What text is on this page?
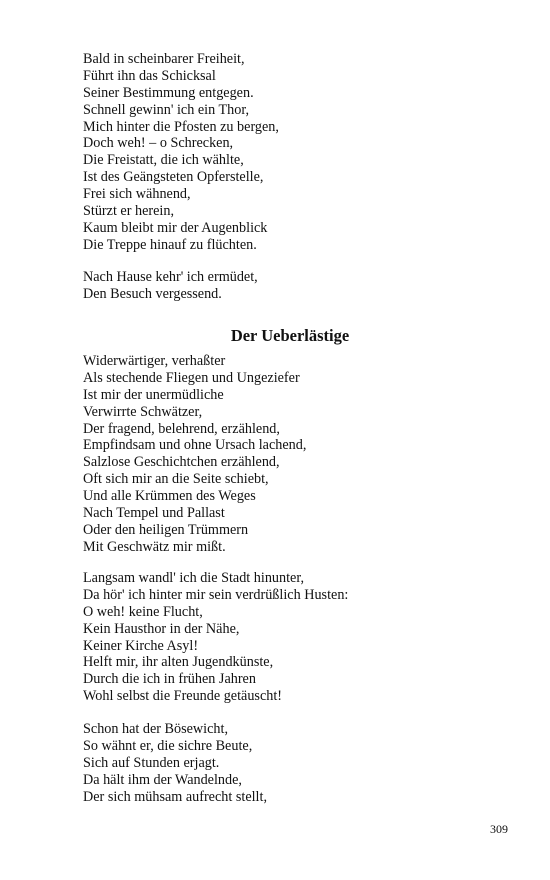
Bald in scheinbarer Freiheit,
Führt ihn das Schicksal
Seiner Bestimmung entgegen.
Schnell gewinn' ich ein Thor,
Mich hinter die Pfosten zu bergen,
Doch weh! – o Schrecken,
Die Freistatt, die ich wählte,
Ist des Geängsteten Opferstelle,
Frei sich wähnend,
Stürzt er herein,
Kaum bleibt mir der Augenblick
Die Treppe hinauf zu flüchten.
Nach Hause kehr' ich ermüdet,
Den Besuch vergessend.
Der Ueberlästige
Widerwärtiger, verhaßter
Als stechende Fliegen und Ungeziefer
Ist mir der unermüdliche
Verwirrte Schwätzer,
Der fragend, belehrend, erzählend,
Empfindsam und ohne Ursach lachend,
Salzlose Geschichtchen erzählend,
Oft sich mir an die Seite schiebt,
Und alle Krümmen des Weges
Nach Tempel und Pallast
Oder den heiligen Trümmern
Mit Geschwätz mir mißt.
Langsam wandl' ich die Stadt hinunter,
Da hör' ich hinter mir sein verdrüßlich Husten:
O weh! keine Flucht,
Kein Hausthor in der Nähe,
Keiner Kirche Asyl!
Helft mir, ihr alten Jugendkünste,
Durch die ich in frühen Jahren
Wohl selbst die Freunde getäuscht!
Schon hat der Bösewicht,
So wähnt er, die sichre Beute,
Sich auf Stunden erjagt.
Da hält ihm der Wandelnde,
Der sich mühsam aufrecht stellt,
309
